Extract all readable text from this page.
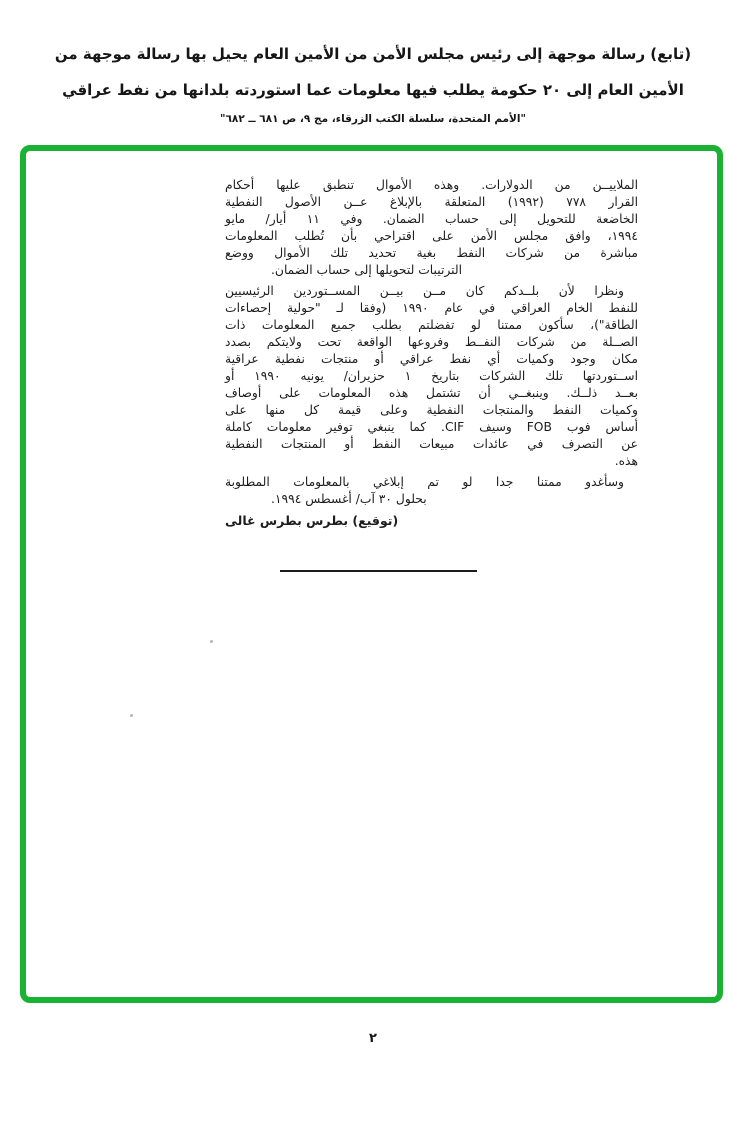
(تابع) رسالة موجهة إلى رئيس مجلس الأمن من الأمين العام يحيل بها رسالة موجهة من
الأمين العام إلى ٢٠ حكومة يطلب فيها معلومات عما استوردته بلدانها من نفط عراقي
"الأمم المتحدة، سلسلة الكتب الزرقاء، مج ٩، ص ٦٨١ ــ ٦٨٢"
الملاييــن من الدولارات. وهذه الأموال تنطبق عليها أحكام
القرار ٧٧٨ (١٩٩٢) المتعلقة بالإبلاغ عــن الأصول النفطية
الخاضعة للتحويل إلى حساب الضمان. وفي ١١ أيار/ مايو
١٩٩٤، وافق مجلس الأمن على اقتراحي بأن تُطلب المعلومات
مباشرة من شركات النفط بغية تحديد تلك الأموال ووضع
الترتيبات لتحويلها إلى حساب الضمان.
ونظرا لأن بلــدكم كان مــن بيــن المســتوردين الرئيسيين
للنفط الخام العراقي في عام ١٩٩٠ (وفقا لـ "حولية إحصاءات
الطاقة")، سأكون ممتنا لو تفضلتم بطلب جميع المعلومات ذات
الصــلة من شركات النفــط وفروعها الواقعة تحت ولايتكم بصدد
مكان وجود وكميات أي نفط عراقي أو منتجات نفطية عراقية
اســتوردتها تلك الشركات بتاريخ ١ حزيران/ يونيه ١٩٩٠ أو
بعــد ذلــك. وينبغــي أن تشتمل هذه المعلومات على أوصاف
وكميات النفط والمنتجات النفطية وعلى قيمة كل منها على
أساس فوب FOB وسيف CIF. كما ينبغي توفير معلومات كاملة
عن التصرف في عائدات مبيعات النفط أو المنتجات النفطية
هذه.
وسأغدو ممتنا جدا لو تم إبلاغي بالمعلومات المطلوبة
بحلول ٣٠ آب/ أغسطس ١٩٩٤.
(توقيع) بطرس بطرس غالى
٢
